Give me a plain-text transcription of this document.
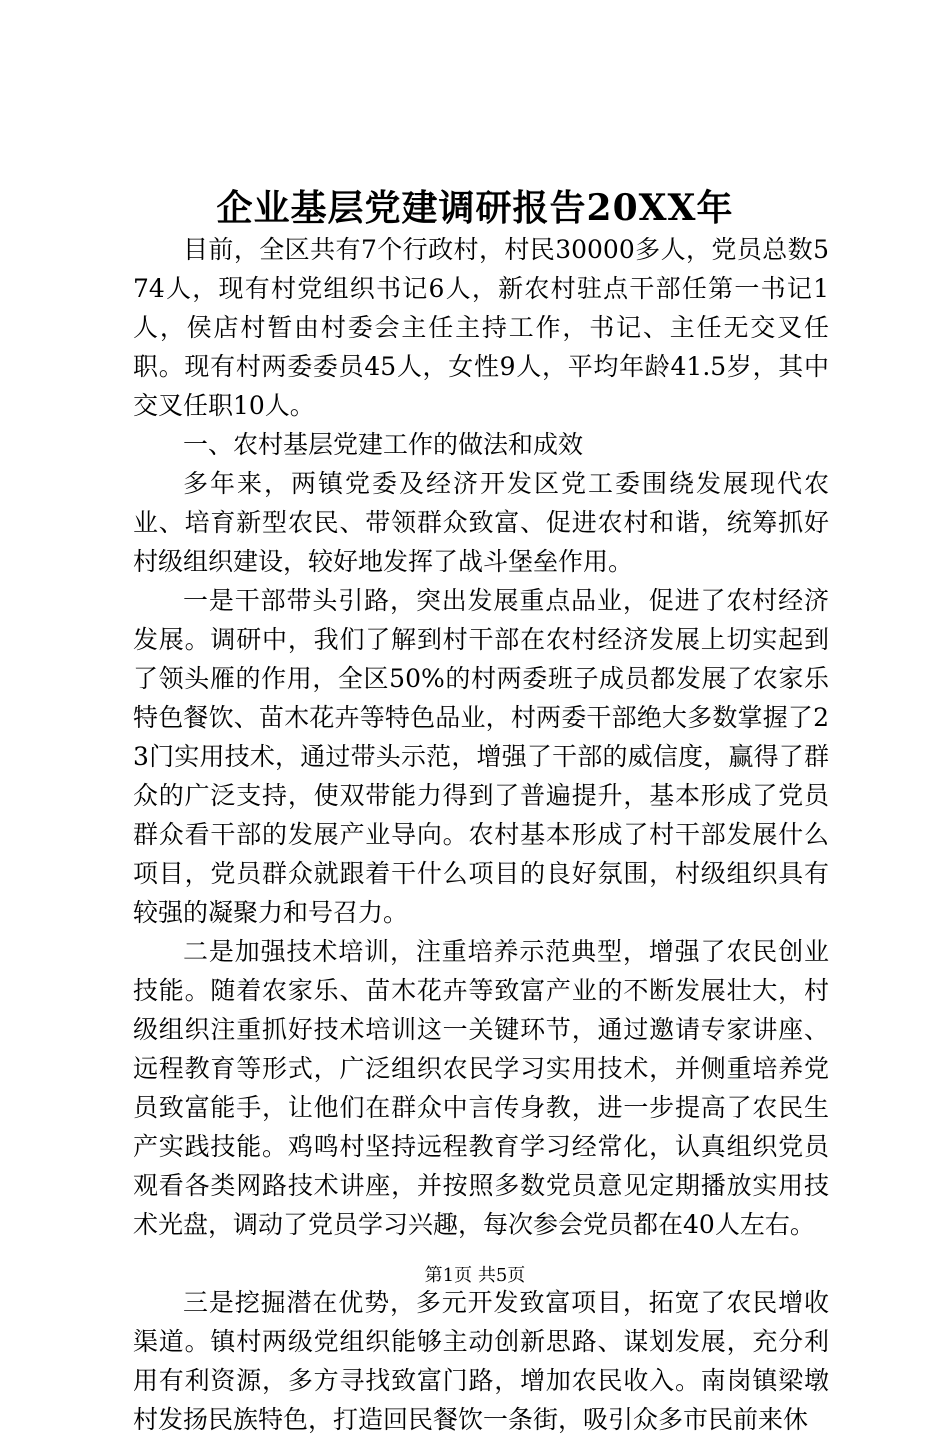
企业基层党建调研报告20XX年

目前，全区共有7个行政村，村民30000多人，党员总数574人，现有村党组织书记6人，新农村驻点干部任第一书记1人，侯店村暂由村委会主任主持工作，书记、主任无交叉任职。现有村两委委员45人，女性9人，平均年龄41.5岁，其中交叉任职10人。

一、农村基层党建工作的做法和成效

多年来，两镇党委及经济开发区党工委围绕发展现代农业、培育新型农民、带领群众致富、促进农村和谐，统筹抓好村级组织建设，较好地发挥了战斗堡垒作用。

一是干部带头引路，突出发展重点品业，促进了农村经济发展。调研中，我们了解到村干部在农村经济发展上切实起到了领头雁的作用，全区50%的村两委班子成员都发展了农家乐特色餐饮、苗木花卉等特色品业，村两委干部绝大多数掌握了23门实用技术，通过带头示范，增强了干部的威信度，赢得了群众的广泛支持，使双带能力得到了普遍提升，基本形成了党员群众看干部的发展产业导向。农村基本形成了村干部发展什么项目，党员群众就跟着干什么项目的良好氛围，村级组织具有较强的凝聚力和号召力。

二是加强技术培训，注重培养示范典型，增强了农民创业技能。随着农家乐、苗木花卉等致富产业的不断发展壮大，村级组织注重抓好技术培训这一关键环节，通过邀请专家讲座、远程教育等形式，广泛组织农民学习实用技术，并侧重培养党员致富能手，让他们在群众中言传身教，进一步提高了农民生产实践技能。鸡鸣村坚持远程教育学习经常化，认真组织党员观看各类网路技术讲座，并按照多数党员意见定期播放实用技术光盘，调动了党员学习兴趣，每次参会党员都在40人左右。

三是挖掘潜在优势，多元开发致富项目，拓宽了农民增收渠道。镇村两级党组织能够主动创新思路、谋划发展，充分利用有利资源，多方寻找致富门路，增加农民收入。南岗镇梁墩村发扬民族特色，打造回民餐饮一条街，吸引众多市民前来休

第1页 共5页
